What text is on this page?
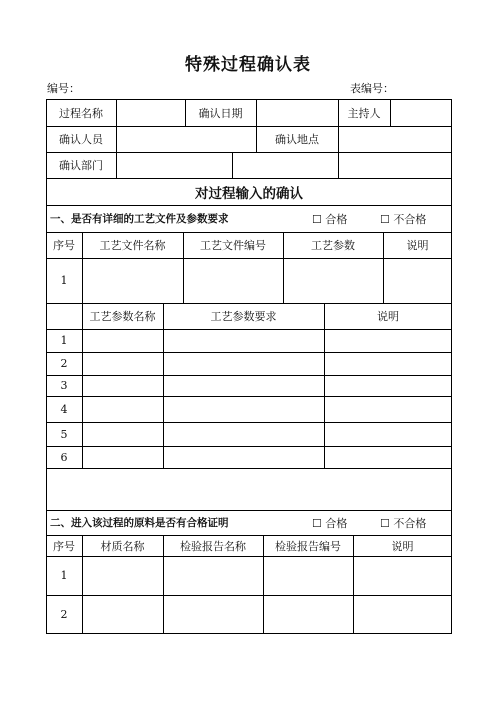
特殊过程确认表
编号：	表编号：
过程名称	确认日期	主持人
确认人员	确认地点
确认部门
对过程输入的确认
一、是否有详细的工艺文件及参数要求	☐ 合格	☐ 不合格
序号	工艺文件名称	工艺文件编号	工艺参数	说明
1
工艺参数名称	工艺参数要求	说明
1
2
3
4
5
6
二、进入该过程的原料是否有合格证明	☐ 合格	☐ 不合格
序号	材质名称	检验报告名称	检验报告编号	说明
1
2
